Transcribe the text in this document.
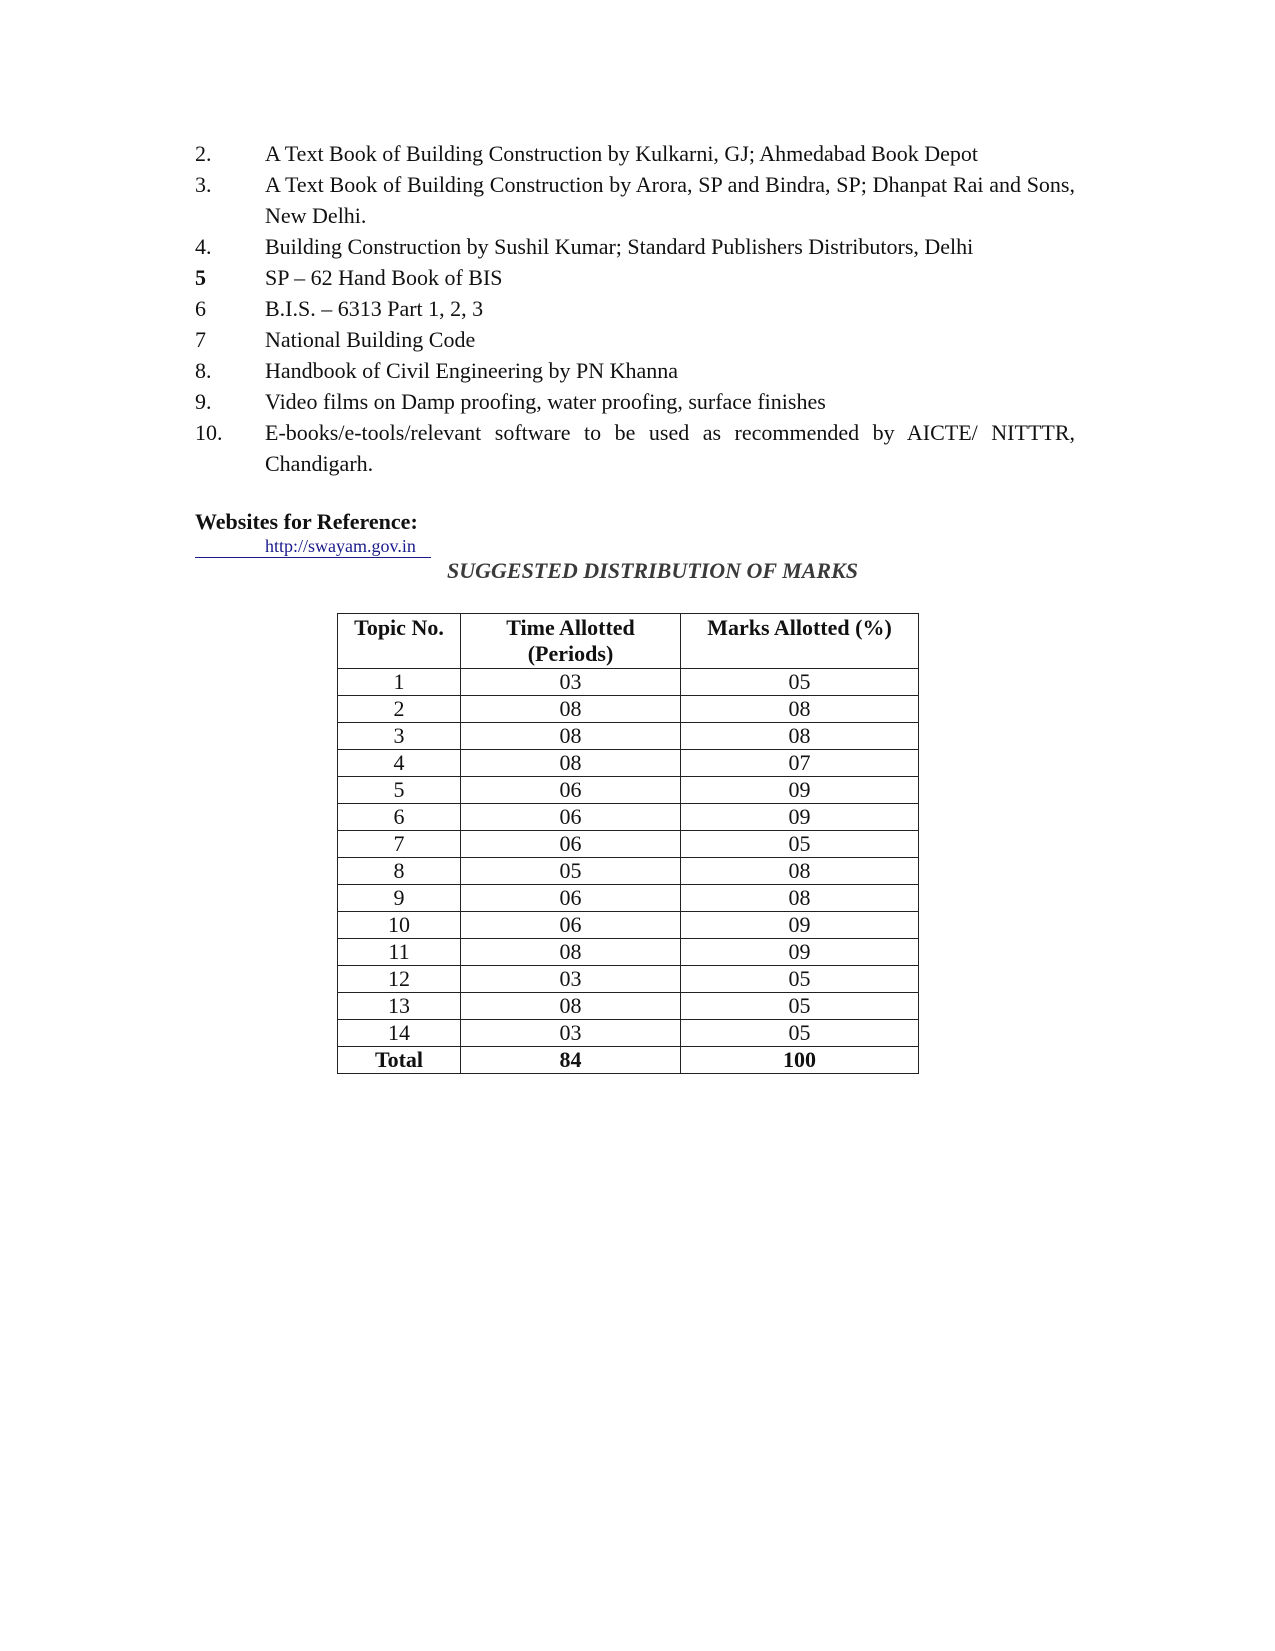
2. A Text Book of Building Construction by Kulkarni, GJ; Ahmedabad Book Depot
3. A Text Book of Building Construction by Arora, SP and Bindra, SP; Dhanpat Rai and Sons, New Delhi.
4. Building Construction by Sushil Kumar; Standard Publishers Distributors, Delhi
5	SP – 62 Hand Book of BIS
6	B.I.S. – 6313 Part 1, 2, 3
7	National Building Code
8. Handbook of Civil Engineering by PN Khanna
9. Video films on Damp proofing, water proofing, surface finishes
10. E-books/e-tools/relevant software to be used as recommended by AICTE/ NITTTR, Chandigarh.
Websites for Reference:
http://swayam.gov.in
SUGGESTED DISTRIBUTION OF MARKS
Topic No.	Time Allotted (Periods)	Marks Allotted (%)
1	03	05
2	08	08
3	08	08
4	08	07
5	06	09
6	06	09
7	06	05
8	05	08
9	06	08
10	06	09
11	08	09
12	03	05
13	08	05
14	03	05
Total	84	100
